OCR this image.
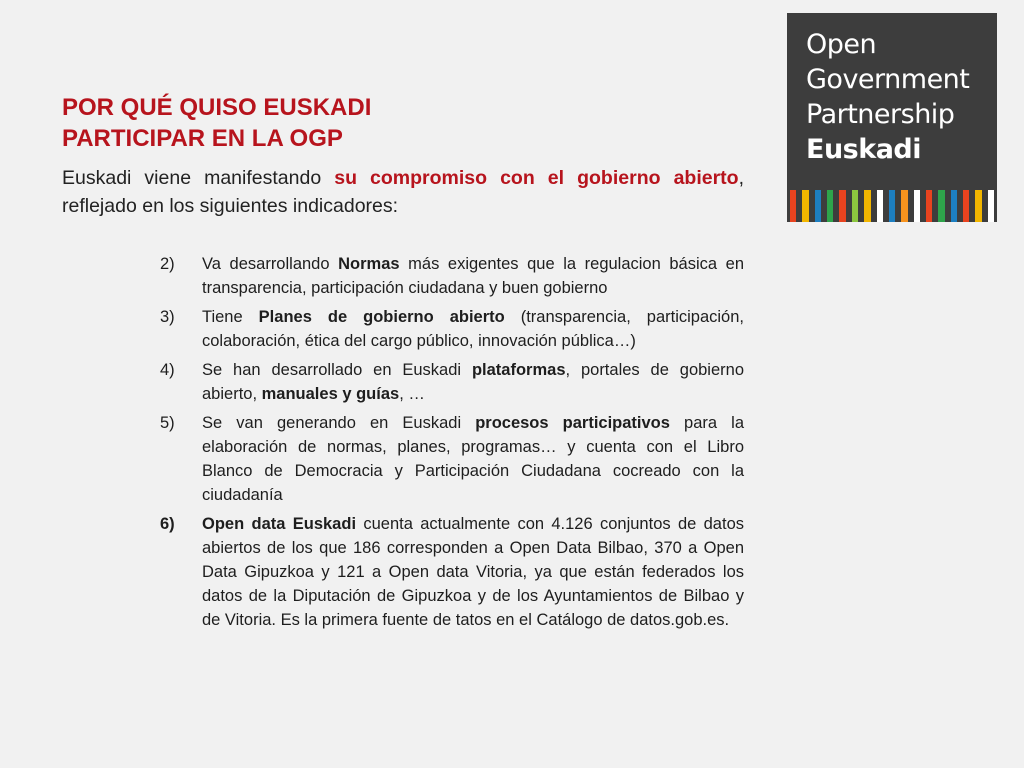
Open
Government
Partnership
Euskadi
POR QUÉ QUISO EUSKADI
PARTICIPAR EN LA OGP
Euskadi viene manifestando su compromiso con el gobierno abierto, reflejado en los siguientes indicadores:
2)	Va desarrollando Normas más exigentes que la regulacion básica en transparencia, participación ciudadana y buen gobierno
3)	Tiene Planes de gobierno abierto (transparencia, participación, colaboración, ética del cargo público, innovación pública…)
4)	Se han desarrollado en Euskadi plataformas, portales de gobierno abierto, manuales y guías, …
5)	Se van generando en Euskadi procesos participativos para la elaboración de normas, planes, programas… y cuenta con el Libro Blanco de Democracia y Participación Ciudadana cocreado con la ciudadanía
6)	Open data Euskadi cuenta actualmente con 4.126 conjuntos de datos abiertos de los que 186 corresponden a Open Data Bilbao, 370 a Open Data Gipuzkoa y 121 a Open data Vitoria, ya que están federados los datos de la Diputación de Gipuzkoa y de los Ayuntamientos de Bilbao y de Vitoria. Es la primera fuente de tatos en el Catálogo de datos.gob.es.
